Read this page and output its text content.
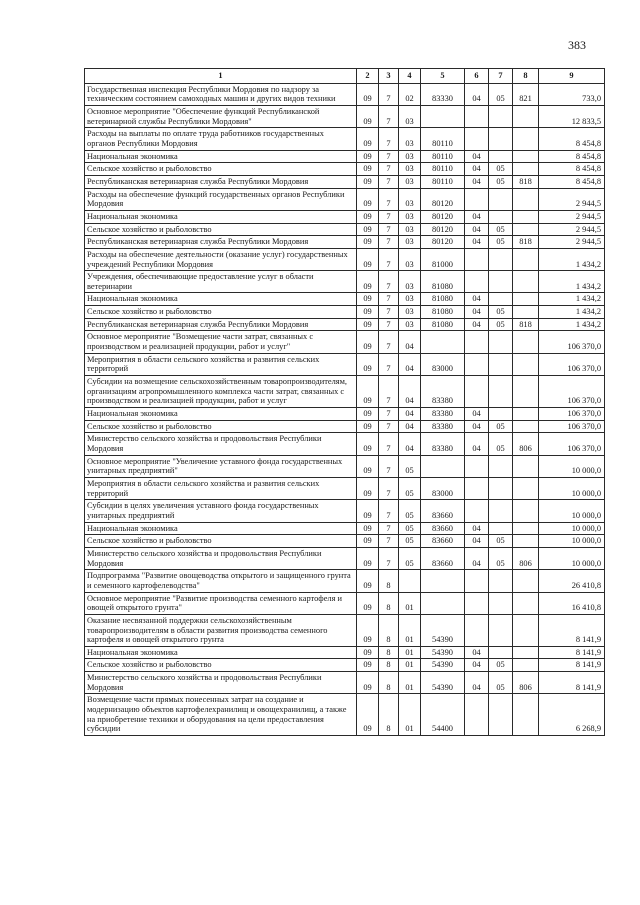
383
1	2	3	4	5	6	7	8	9
Государственная инспекция Республики Мордовия по надзору за техническим состоянием самоходных машин и других видов техники	09	7	02	83330	04	05	821	733,0
Основное мероприятие "Обеспечение функций Республиканской ветеринарной службы Республики Мордовия"	09	7	03					12 833,5
Расходы на выплаты по оплате труда работников государственных органов Республики Мордовия	09	7	03	80110				8 454,8
Национальная экономика	09	7	03	80110	04			8 454,8
Сельское хозяйство и рыболовство	09	7	03	80110	04	05		8 454,8
Республиканская ветеринарная служба Республики Мордовия	09	7	03	80110	04	05	818	8 454,8
Расходы на обеспечение функций государственных органов Республики Мордовия	09	7	03	80120				2 944,5
Национальная экономика	09	7	03	80120	04			2 944,5
Сельское хозяйство и рыболовство	09	7	03	80120	04	05		2 944,5
Республиканская ветеринарная служба Республики Мордовия	09	7	03	80120	04	05	818	2 944,5
Расходы на обеспечение деятельности (оказание услуг) государственных учреждений Республики Мордовия	09	7	03	81000				1 434,2
Учреждения, обеспечивающие предоставление услуг в области ветеринарии	09	7	03	81080				1 434,2
Национальная экономика	09	7	03	81080	04			1 434,2
Сельское хозяйство и рыболовство	09	7	03	81080	04	05		1 434,2
Республиканская ветеринарная служба Республики Мордовия	09	7	03	81080	04	05	818	1 434,2
Основное мероприятие "Возмещение части затрат, связанных с производством и реализацией продукции, работ и услуг"	09	7	04					106 370,0
Мероприятия в области сельского хозяйства и развития сельских территорий	09	7	04	83000				106 370,0
Субсидии на возмещение сельскохозяйственным товаропроизводителям, организациям агропромышленного комплекса части затрат, связанных с производством и реализацией продукции, работ и услуг	09	7	04	83380				106 370,0
Национальная экономика	09	7	04	83380	04			106 370,0
Сельское хозяйство и рыболовство	09	7	04	83380	04	05		106 370,0
Министерство сельского хозяйства и продовольствия Республики Мордовия	09	7	04	83380	04	05	806	106 370,0
Основное мероприятие "Увеличение уставного фонда государственных унитарных предприятий"	09	7	05					10 000,0
Мероприятия в области сельского хозяйства и развития сельских территорий	09	7	05	83000				10 000,0
Субсидии в целях увеличения уставного фонда государственных унитарных предприятий	09	7	05	83660				10 000,0
Национальная экономика	09	7	05	83660	04			10 000,0
Сельское хозяйство и рыболовство	09	7	05	83660	04	05		10 000,0
Министерство сельского хозяйства и продовольствия Республики Мордовия	09	7	05	83660	04	05	806	10 000,0
Подпрограмма "Развитие овощеводства открытого и защищенного грунта и семенного картофелеводства"	09	8						26 410,8
Основное мероприятие "Развитие производства семенного картофеля и овощей открытого грунта"	09	8	01					16 410,8
Оказание несвязанной поддержки сельскохозяйственным товаропроизводителям в области развития производства семенного картофеля и овощей открытого грунта	09	8	01	54390				8 141,9
Национальная экономика	09	8	01	54390	04			8 141,9
Сельское хозяйство и рыболовство	09	8	01	54390	04	05		8 141,9
Министерство сельского хозяйства и продовольствия Республики Мордовия	09	8	01	54390	04	05	806	8 141,9
Возмещение части прямых понесенных затрат на создание и модернизацию объектов картофелехранилищ и овощехранилищ, а также на приобретение техники и оборудования на цели предоставления субсидии	09	8	01	54400				6 268,9
